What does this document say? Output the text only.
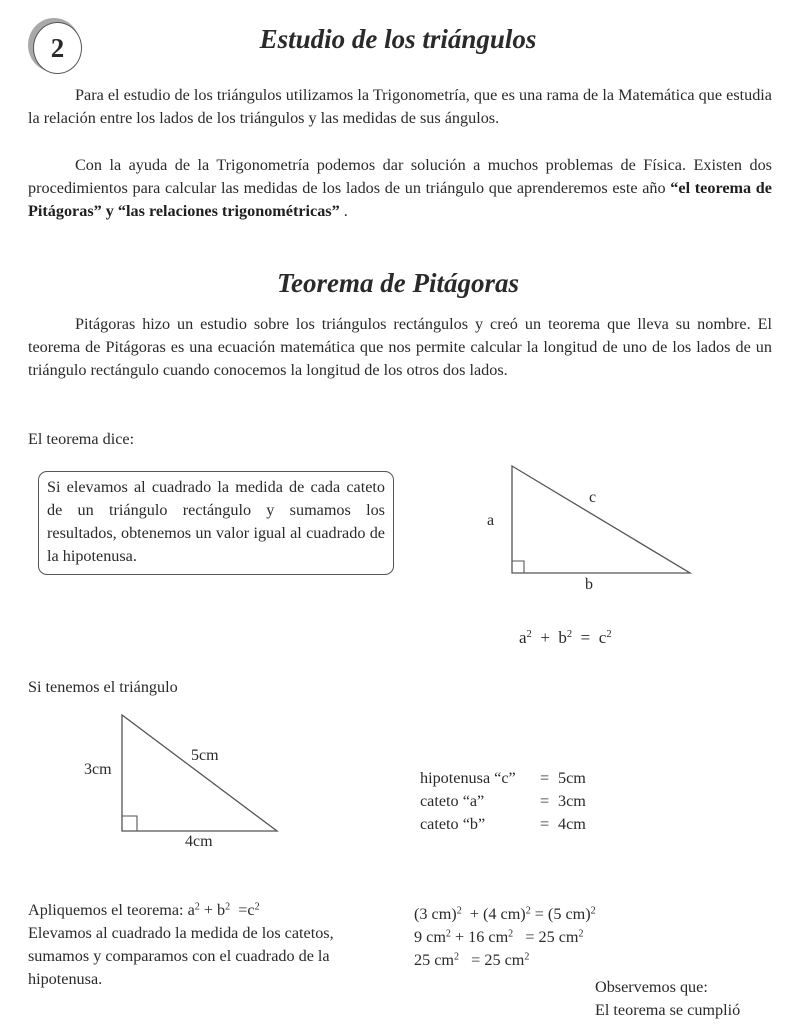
2	Estudio de los triángulos
Para el estudio de los triángulos utilizamos la Trigonometría, que es una rama de la Matemática que estudia la relación entre los lados de los triángulos y las medidas de sus ángulos.
Con la ayuda de la Trigonometría podemos dar solución a muchos problemas de Física. Existen dos procedimientos para calcular las medidas de los lados de un triángulo que aprenderemos este año “el teorema de Pitágoras” y “las relaciones trigonométricas” .
Teorema de Pitágoras
Pitágoras hizo un estudio sobre los triángulos rectángulos y creó un teorema que lleva su nombre. El teorema de Pitágoras es una ecuación matemática que nos permite calcular la longitud de uno de los lados de un triángulo rectángulo cuando conocemos la longitud de los otros dos lados.
El teorema dice:
Si elevamos al cuadrado la medida de cada cateto de un triángulo rectángulo y sumamos los resultados, obtenemos un valor igual al cuadrado de la hipotenusa.
a
c
b
$a^2 + b^2 = c^2$
Si tenemos el triángulo
3cm
5cm
4cm
hipotenusa “c” = 5cm
cateto “a”	= 3cm
cateto “b”	= 4cm
Apliquemos el teorema: $a^2 + b^2 =c^2$
Elevamos al cuadrado la medida de los catetos,
sumamos y comparamos con el cuadrado de la
hipotenusa.
(3 cm)$^2$  + (4 cm)$^2$ = (5 cm)$^2$
9 $cm^2 + 16$ $cm^2 = 25$ $cm^2$
25 $cm^2 = 25$ $cm^2$
Observemos que:
El teorema se cumplió
